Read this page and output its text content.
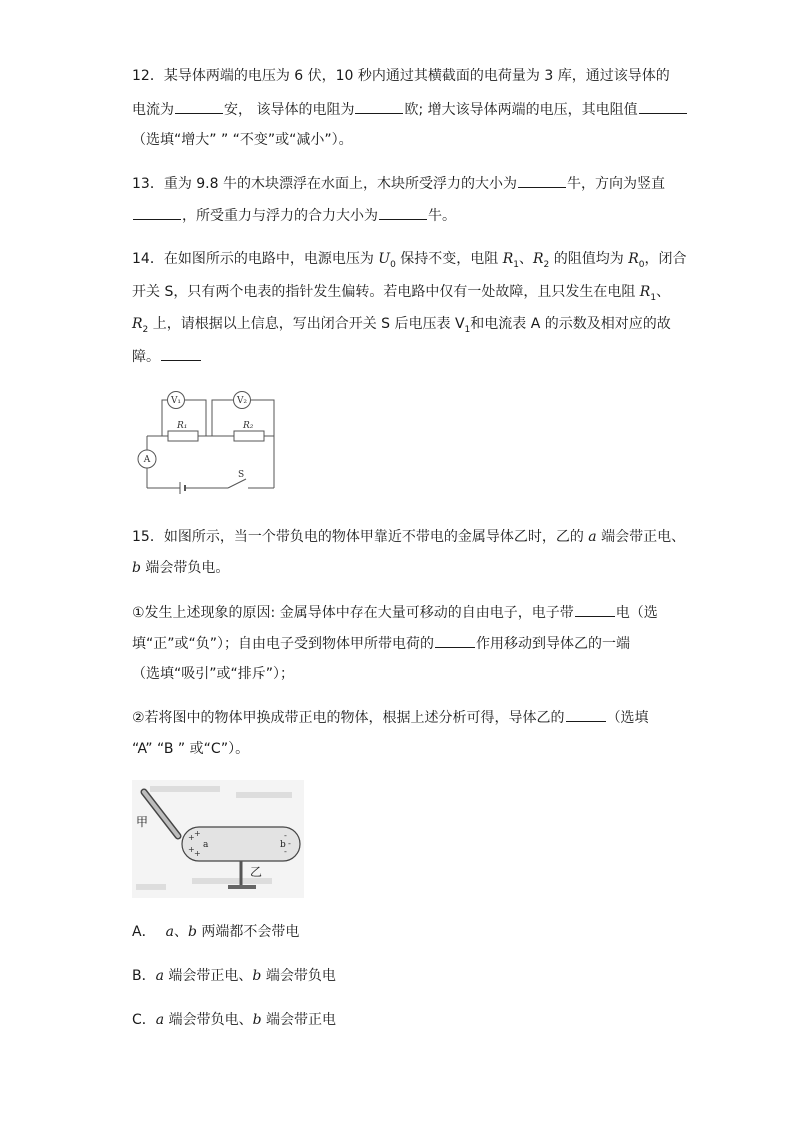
12．某导体两端的电压为 6 伏，10 秒内通过其横截面的电荷量为 3 库，通过该导体的
电流为	安， 该导体的电阻为	欧; 增大该导体两端的电压，其电阻值
（选填“增大” ” “不变”或“减小”）。
13．重为 9.8 牛的木块漂浮在水面上，木块所受浮力的大小为	牛，方向为竖直
，所受重力与浮力的合力大小为	牛。
14．在如图所示的电路中，电源电压为 $U_0$ 保持不变，电阻 $R_1$、$R_2$ 的阻值均为 $R_0$，闭合
开关 S，只有两个电表的指针发生偏转。若电路中仅有一处故障，且只发生在电阻 $R_1$、
$R_2$ 上，请根据以上信息，写出闭合开关 S 后电压表 $V_1$和电流表 A 的示数及相对应的故
障。
V₁	V₂
R₁	R₂
A
S
15．如图所示，当一个带负电的物体甲靠近不带电的金属导体乙时，乙的 a 端会带正电、
b 端会带负电。
①发生上述现象的原因: 金属导体中存在大量可移动的自由电子，电子带	电（选
填“正”或“负”）；自由电子受到物体甲所带电荷的	作用移动到导体乙的一端
（选填“吸引”或“排斥”）；
②若将图中的物体甲换成带正电的物体，根据上述分析可得，导体乙的	（选填
“A” “B ” 或“C”）。
甲
+ +
+ +
-
-
-
a	b
乙
A． a、b 两端都不会带电
B．a 端会带正电、b 端会带负电
C．a 端会带负电、b 端会带正电
